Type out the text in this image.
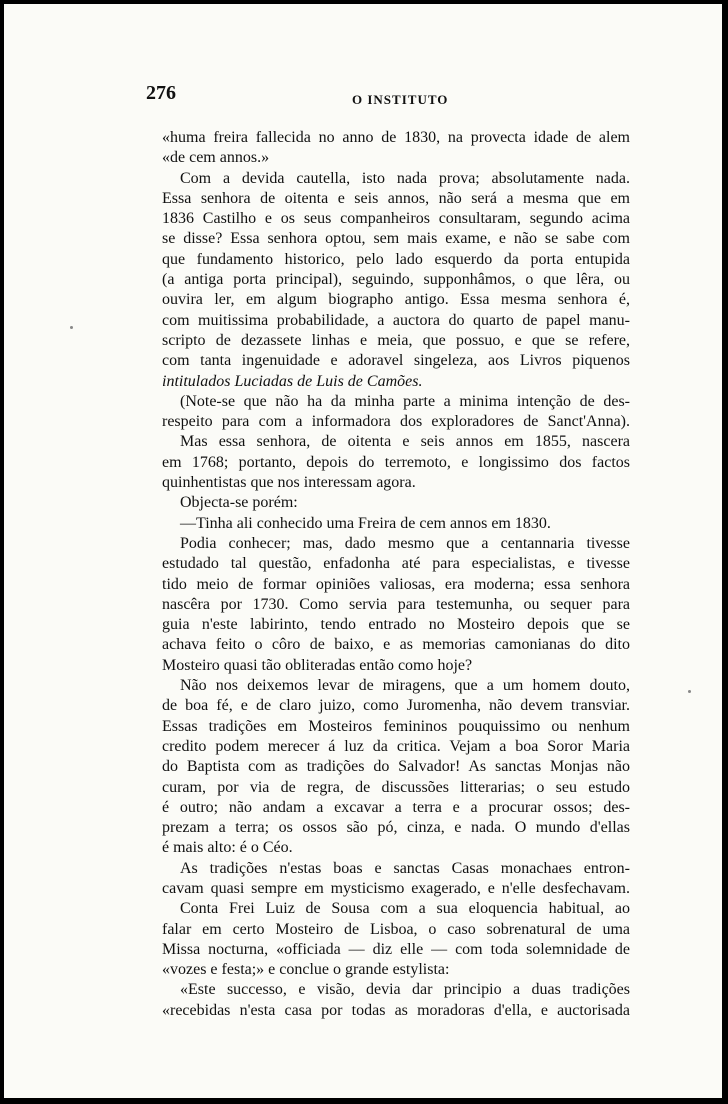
276	O INSTITUTO
«huma freira fallecida no anno de 1830, na provecta idade de alem
«de cem annos.»
Com a devida cautella, isto nada prova; absolutamente nada.
Essa senhora de oitenta e seis annos, não será a mesma que em
1836 Castilho e os seus companheiros consultaram, segundo acima
se disse? Essa senhora optou, sem mais exame, e não se sabe com
que fundamento historico, pelo lado esquerdo da porta entupida
(a antiga porta principal), seguindo, supponhâmos, o que lêra, ou
ouvira ler, em algum biographo antigo. Essa mesma senhora é,
com muitissima probabilidade, a auctora do quarto de papel manu-
scripto de dezassete linhas e meia, que possuo, e que se refere,
com tanta ingenuidade e adoravel singeleza, aos Livros piquenos
intitulados Luciadas de Luis de Camões.
(Note-se que não ha da minha parte a minima intenção de des-
respeito para com a informadora dos exploradores de Sanct'Anna).
Mas essa senhora, de oitenta e seis annos em 1855, nascera
em 1768; portanto, depois do terremoto, e longissimo dos factos
quinhentistas que nos interessam agora.
Objecta-se porém:
—Tinha ali conhecido uma Freira de cem annos em 1830.
Podia conhecer; mas, dado mesmo que a centannaria tivesse
estudado tal questão, enfadonha até para especialistas, e tivesse
tido meio de formar opiniões valiosas, era moderna; essa senhora
nascêra por 1730. Como servia para testemunha, ou sequer para
guia n'este labirinto, tendo entrado no Mosteiro depois que se
achava feito o côro de baixo, e as memorias camonianas do dito
Mosteiro quasi tão obliteradas então como hoje?
Não nos deixemos levar de miragens, que a um homem douto,
de boa fé, e de claro juizo, como Juromenha, não devem transviar.
Essas tradições em Mosteiros femininos pouquissimo ou nenhum
credito podem merecer á luz da critica. Vejam a boa Soror Maria
do Baptista com as tradições do Salvador! As sanctas Monjas não
curam, por via de regra, de discussões litterarias; o seu estudo
é outro; não andam a excavar a terra e a procurar ossos; des-
prezam a terra; os ossos são pó, cinza, e nada. O mundo d'ellas
é mais alto: é o Céo.
As tradições n'estas boas e sanctas Casas monachaes entron-
cavam quasi sempre em mysticismo exagerado, e n'elle desfechavam.
Conta Frei Luiz de Sousa com a sua eloquencia habitual, ao
falar em certo Mosteiro de Lisboa, o caso sobrenatural de uma
Missa nocturna, «officiada — diz elle — com toda solemnidade de
«vozes e festa;» e conclue o grande estylista:
«Este successo, e visão, devia dar principio a duas tradições
«recebidas n'esta casa por todas as moradoras d'ella, e auctorisada
